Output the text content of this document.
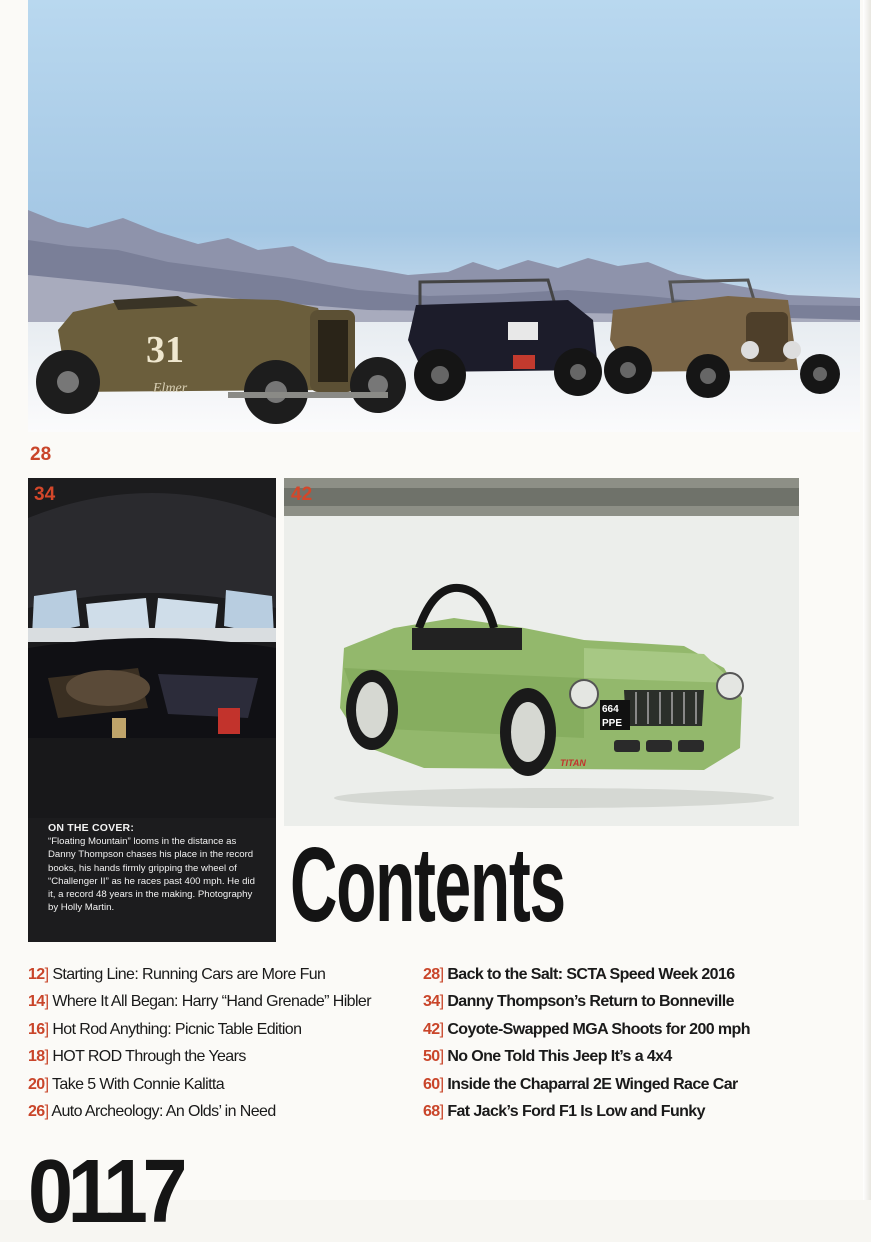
31
Elmer
28
34
ON THE COVER:
“Floating Mountain” looms in the distance as Danny Thompson chases his place in the record books, his hands firmly gripping the wheel of “Challenger II” as he races past 400 mph. He did it, a record 48 years in the making. Photography by Holly Martin.
42
664
PPE
TITAN
Contents
12] Starting Line: Running Cars are More Fun
14] Where It All Began: Harry “Hand Grenade” Hibler
16] Hot Rod Anything: Picnic Table Edition
18] HOT ROD Through the Years
20] Take 5 With Connie Kalitta
26] Auto Archeology: An Olds’ in Need
28] Back to the Salt: SCTA Speed Week 2016
34] Danny Thompson’s Return to Bonneville
42] Coyote-Swapped MGA Shoots for 200 mph
50] No One Told This Jeep It’s a 4x4
60] Inside the Chaparral 2E Winged Race Car
68] Fat Jack’s Ford F1 Is Low and Funky
0117
